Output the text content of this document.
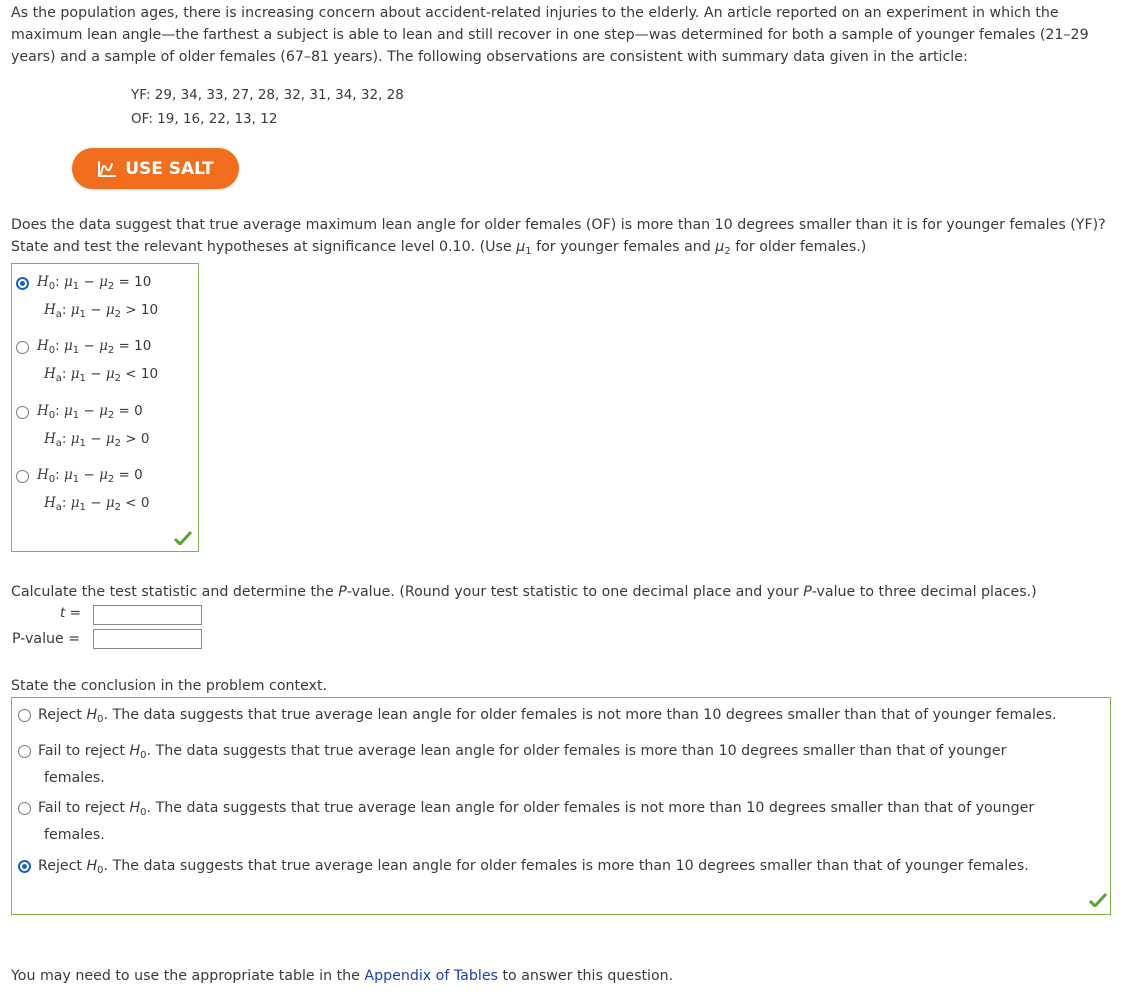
As the population ages, there is increasing concern about accident-related injuries to the elderly. An article reported on an experiment in which the
maximum lean angle—the farthest a subject is able to lean and still recover in one step—was determined for both a sample of younger females (21–29
years) and a sample of older females (67–81 years). The following observations are consistent with summary data given in the article:
YF: 29, 34, 33, 27, 28, 32, 31, 34, 32, 28
OF: 19, 16, 22, 13, 12
USE SALT
Does the data suggest that true average maximum lean angle for older females (OF) is more than 10 degrees smaller than it is for younger females (YF)?
State and test the relevant hypotheses at significance level 0.10. (Use $\mu_1$ for younger females and $\mu_2$ for older females.)
$H_0$: $\mu_1 - \mu_2 = 10$
$H_a$: $\mu_1 - \mu_2 > 10$
$H_0$: $\mu_1 - \mu_2 = 10$
$H_a$: $\mu_1 - \mu_2 < 10$
$H_0$: $\mu_1 - \mu_2 = 0$
$H_a$: $\mu_1 - \mu_2 > 0$
$H_0$: $\mu_1 - \mu_2 = 0$
$H_a$: $\mu_1 - \mu_2 < 0$
Calculate the test statistic and determine the P-value. (Round your test statistic to one decimal place and your P-value to three decimal places.)
t =
P-value =
State the conclusion in the problem context.
Reject $H_0$. The data suggests that true average lean angle for older females is not more than 10 degrees smaller than that of younger females.
Fail to reject $H_0$. The data suggests that true average lean angle for older females is more than 10 degrees smaller than that of younger
females.
Fail to reject $H_0$. The data suggests that true average lean angle for older females is not more than 10 degrees smaller than that of younger
females.
Reject $H_0$. The data suggests that true average lean angle for older females is more than 10 degrees smaller than that of younger females.
You may need to use the appropriate table in the Appendix of Tables to answer this question.
